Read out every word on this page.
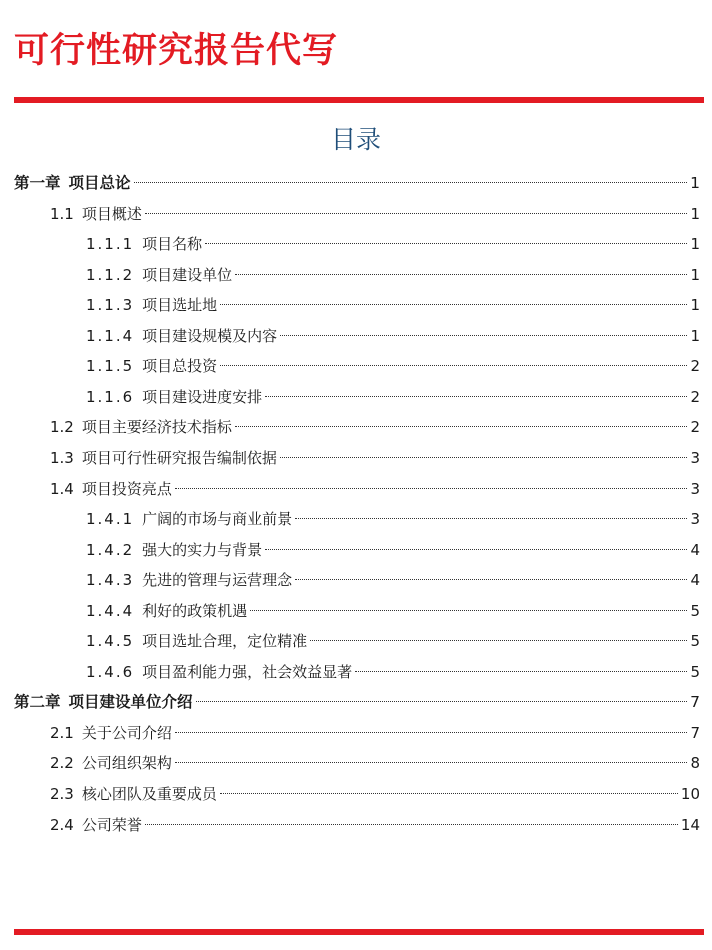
可行性研究报告代写
目录
第一章 项目总论	1
1.1 项目概述	1
1.1.1 项目名称	1
1.1.2 项目建设单位	1
1.1.3 项目选址地	1
1.1.4 项目建设规模及内容	1
1.1.5 项目总投资	2
1.1.6 项目建设进度安排	2
1.2 项目主要经济技术指标	2
1.3 项目可行性研究报告编制依据	3
1.4 项目投资亮点	3
1.4.1 广阔的市场与商业前景	3
1.4.2 强大的实力与背景	4
1.4.3 先进的管理与运营理念	4
1.4.4 利好的政策机遇	5
1.4.5 项目选址合理，定位精准	5
1.4.6 项目盈利能力强，社会效益显著	5
第二章 项目建设单位介绍	7
2.1 关于公司介绍	7
2.2 公司组织架构	8
2.3 核心团队及重要成员	10
2.4 公司荣誉	14
